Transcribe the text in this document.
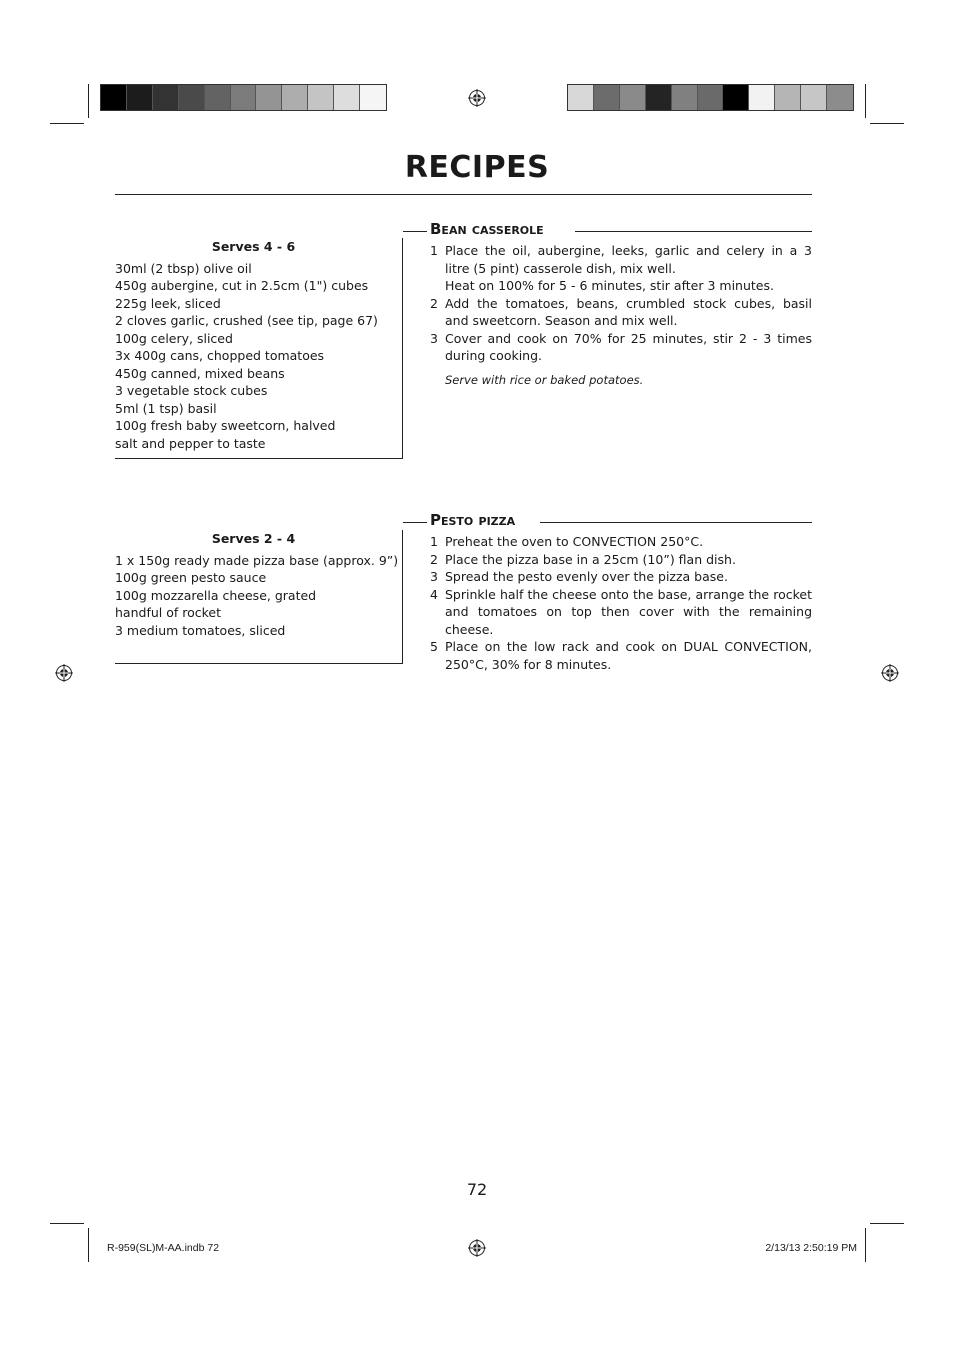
RECIPES
Serves 4 - 6
30ml (2 tbsp) olive oil
450g aubergine, cut in 2.5cm (1") cubes
225g leek, sliced
2 cloves garlic, crushed (see tip, page 67)
100g celery, sliced
3x 400g cans, chopped tomatoes
450g canned, mixed beans
3 vegetable stock cubes
5ml (1 tsp) basil
100g fresh baby sweetcorn, halved
salt and pepper to taste
Bean casserole
1 Place the oil, aubergine, leeks, garlic and celery in a 3 litre (5 pint) casserole dish, mix well.
Heat on 100% for 5 - 6 minutes, stir after 3 minutes.
2 Add the tomatoes, beans, crumbled stock cubes, basil and sweetcorn. Season and mix well.
3 Cover and cook on 70% for 25 minutes, stir 2 - 3 times during cooking.
Serve with rice or baked potatoes.
Serves 2 - 4
1 x 150g ready made pizza base (approx. 9”)
100g green pesto sauce
100g mozzarella cheese, grated
handful of rocket
3 medium tomatoes, sliced
Pesto pizza
1 Preheat the oven to CONVECTION 250°C.
2 Place the pizza base in a 25cm (10”) flan dish.
3 Spread the pesto evenly over the pizza base.
4 Sprinkle half the cheese onto the base, arrange the rocket and tomatoes on top then cover with the remaining cheese.
5 Place on the low rack and cook on DUAL CONVECTION, 250°C, 30% for 8 minutes.
72
R-959(SL)M-AA.indb 72	2/13/13 2:50:19 PM
